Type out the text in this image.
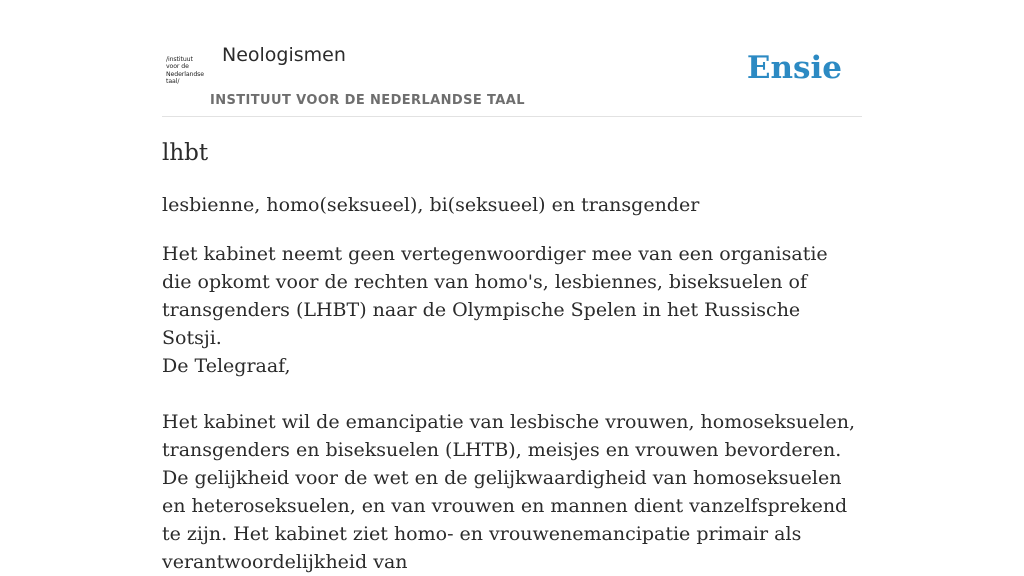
/instituut
voor de
Nederlandse
taal/
Neologismen
INSTITUUT VOOR DE NEDERLANDSE TAAL
Ensie
lhbt

lesbienne, homo(seksueel), bi(seksueel) en transgender

Het kabinet neemt geen vertegenwoordiger mee van een organisatie die opkomt voor de rechten van homo's, lesbiennes, biseksuelen of transgenders (LHBT) naar de Olympische Spelen in het Russische Sotsji.

De Telegraaf,

Het kabinet wil de emancipatie van lesbische vrouwen, homoseksuelen, transgenders en biseksuelen (LHTB), meisjes en vrouwen bevorderen. De gelijkheid voor de wet en de gelijkwaardigheid van homoseksuelen en heteroseksuelen, en van vrouwen en mannen dient vanzelfsprekend te zijn. Het kabinet ziet homo- en vrouwenemancipatie primair als verantwoordelijkheid van
